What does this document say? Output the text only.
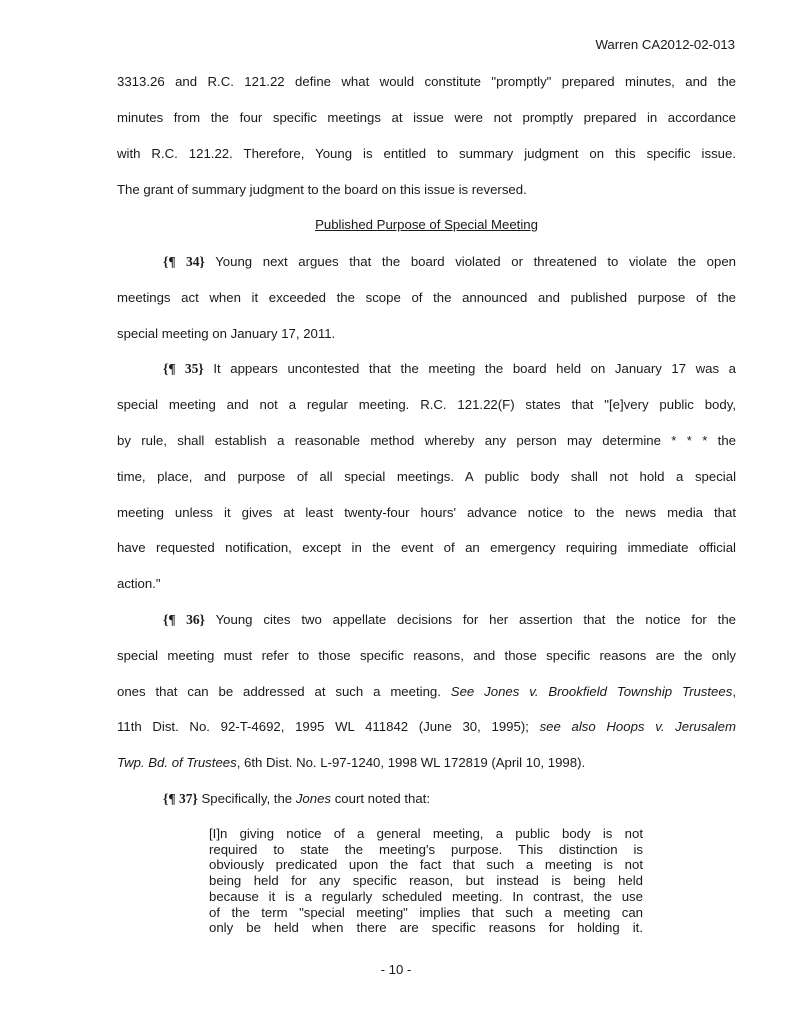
Warren CA2012-02-013
3313.26 and R.C. 121.22 define what would constitute "promptly" prepared minutes, and the
minutes from the four specific meetings at issue were not promptly prepared in accordance
with R.C. 121.22. Therefore, Young is entitled to summary judgment on this specific issue.
The grant of summary judgment to the board on this issue is reversed.
Published Purpose of Special Meeting
{¶ 34} Young next argues that the board violated or threatened to violate the open
meetings act when it exceeded the scope of the announced and published purpose of the
special meeting on January 17, 2011.
{¶ 35} It appears uncontested that the meeting the board held on January 17 was a
special meeting and not a regular meeting. R.C. 121.22(F) states that "[e]very public body,
by rule, shall establish a reasonable method whereby any person may determine * * * the
time, place, and purpose of all special meetings. A public body shall not hold a special
meeting unless it gives at least twenty-four hours' advance notice to the news media that
have requested notification, except in the event of an emergency requiring immediate official
action."
{¶ 36} Young cites two appellate decisions for her assertion that the notice for the
special meeting must refer to those specific reasons, and those specific reasons are the only
ones that can be addressed at such a meeting. See Jones v. Brookfield Township Trustees,
11th Dist. No. 92-T-4692, 1995 WL 411842 (June 30, 1995); see also Hoops v. Jerusalem
Twp. Bd. of Trustees, 6th Dist. No. L-97-1240, 1998 WL 172819 (April 10, 1998).
{¶ 37} Specifically, the Jones court noted that:
[I]n giving notice of a general meeting, a public body is not
required to state the meeting's purpose. This distinction is
obviously predicated upon the fact that such a meeting is not
being held for any specific reason, but instead is being held
because it is a regularly scheduled meeting. In contrast, the use
of the term "special meeting" implies that such a meeting can
only be held when there are specific reasons for holding it.
- 10 -
